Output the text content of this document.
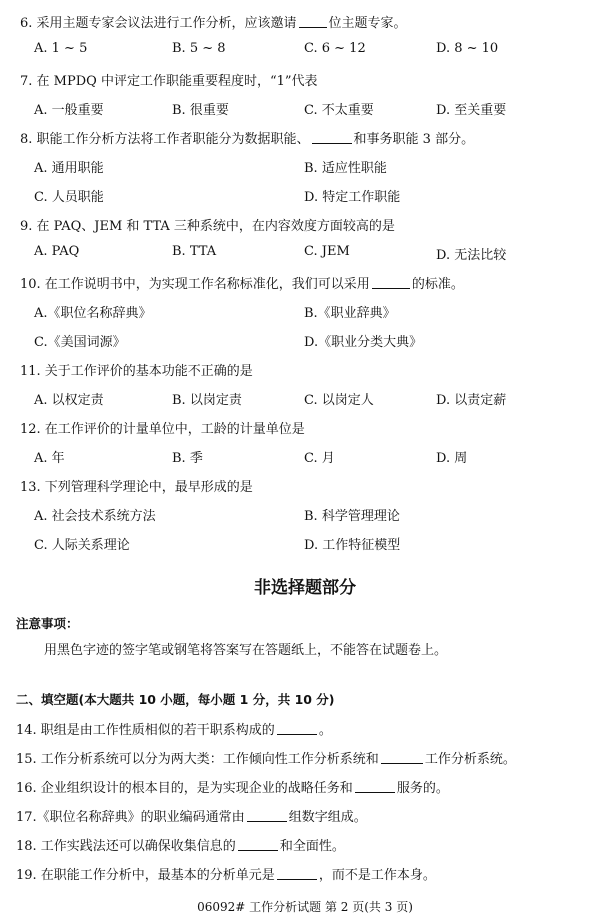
6. 采用主题专家会议法进行工作分析，应该邀请 位主题专家。
A. 1 ~ 5	B. 5 ~ 8	C. 6 ~ 12	D. 8 ~ 10
7. 在 MPDQ 中评定工作职能重要程度时，“1”代表
A. 一般重要	B. 很重要	C. 不太重要	D. 至关重要
8. 职能工作分析方法将工作者职能分为数据职能、	和事务职能 3 部分。
A. 通用职能	B. 适应性职能
C. 人员职能	D. 特定工作职能
9. 在 PAQ、JEM 和 TTA 三种系统中，在内容效度方面较高的是
A. PAQ	B. TTA	C. JEM	D. 无法比较
10. 在工作说明书中，为实现工作名称标准化，我们可以采用	的标准。
A.《职位名称辞典》	B.《职业辞典》
C.《美国词源》	D.《职业分类大典》
11. 关于工作评价的基本功能不正确的是
A. 以权定责	B. 以岗定责	C. 以岗定人	D. 以责定薪
12. 在工作评价的计量单位中，工龄的计量单位是
A. 年	B. 季	C. 月	D. 周
13. 下列管理科学理论中，最早形成的是
A. 社会技术系统方法	B. 科学管理理论
C. 人际关系理论	D. 工作特征模型
非选择题部分
注意事项：
用黑色字迹的签字笔或钢笔将答案写在答题纸上，不能答在试题卷上。
二、填空题(本大题共 10 小题，每小题 1 分，共 10 分)
14. 职组是由工作性质相似的若干职系构成的	。
15. 工作分析系统可以分为两大类：工作倾向性工作分析系统和	工作分析系统。
16. 企业组织设计的根本目的，是为实现企业的战略任务和	服务的。
17.《职位名称辞典》的职业编码通常由	组数字组成。
18. 工作实践法还可以确保收集信息的	和全面性。
19. 在职能工作分析中，最基本的分析单元是	，而不是工作本身。
06092# 工作分析试题 第 2 页(共 3 页)
